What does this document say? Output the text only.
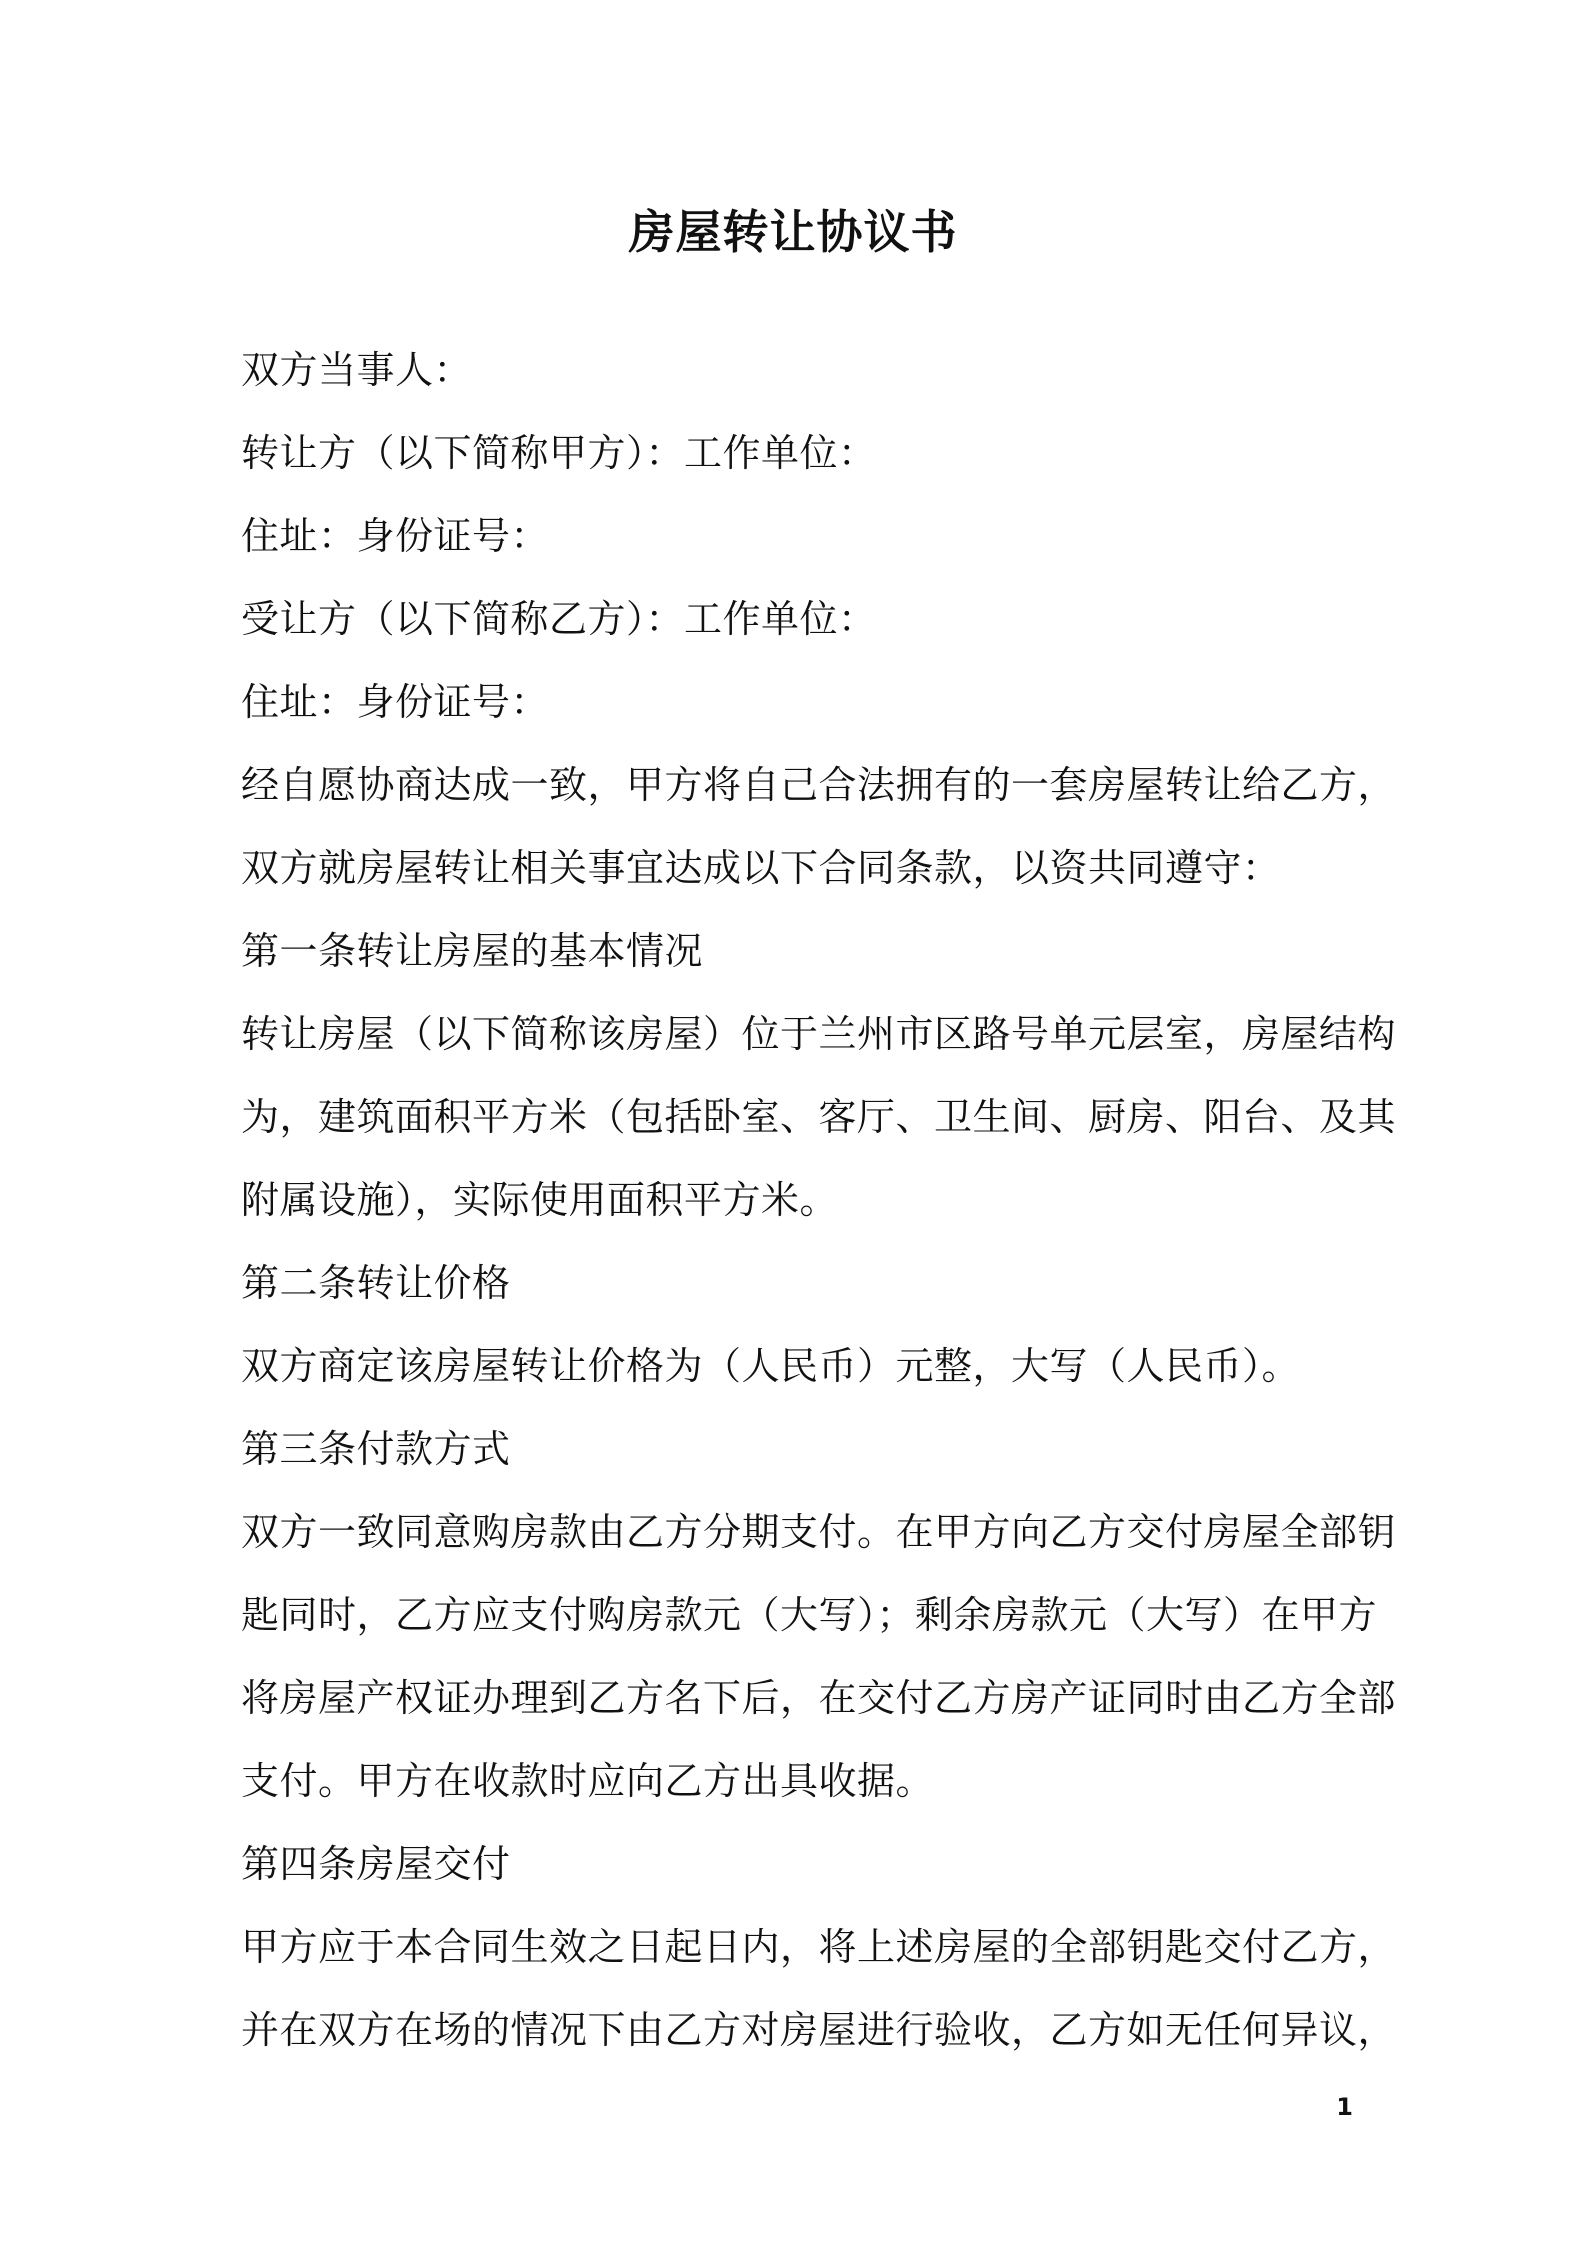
房屋转让协议书
双方当事人：
转让方（以下简称甲方）：工作单位：
住址：身份证号：
受让方（以下简称乙方）：工作单位：
住址：身份证号：
经自愿协商达成一致，甲方将自己合法拥有的一套房屋转让给乙方，
双方就房屋转让相关事宜达成以下合同条款，以资共同遵守：
第一条转让房屋的基本情况
转让房屋（以下简称该房屋）位于兰州市区路号单元层室，房屋结构
为，建筑面积平方米（包括卧室、客厅、卫生间、厨房、阳台、及其
附属设施），实际使用面积平方米。
第二条转让价格
双方商定该房屋转让价格为（人民币）元整，大写（人民币）。
第三条付款方式
双方一致同意购房款由乙方分期支付。在甲方向乙方交付房屋全部钥
匙同时，乙方应支付购房款元（大写）；剩余房款元（大写）在甲方
将房屋产权证办理到乙方名下后，在交付乙方房产证同时由乙方全部
支付。甲方在收款时应向乙方出具收据。
第四条房屋交付
甲方应于本合同生效之日起日内，将上述房屋的全部钥匙交付乙方，
并在双方在场的情况下由乙方对房屋进行验收，乙方如无任何异议，
1
